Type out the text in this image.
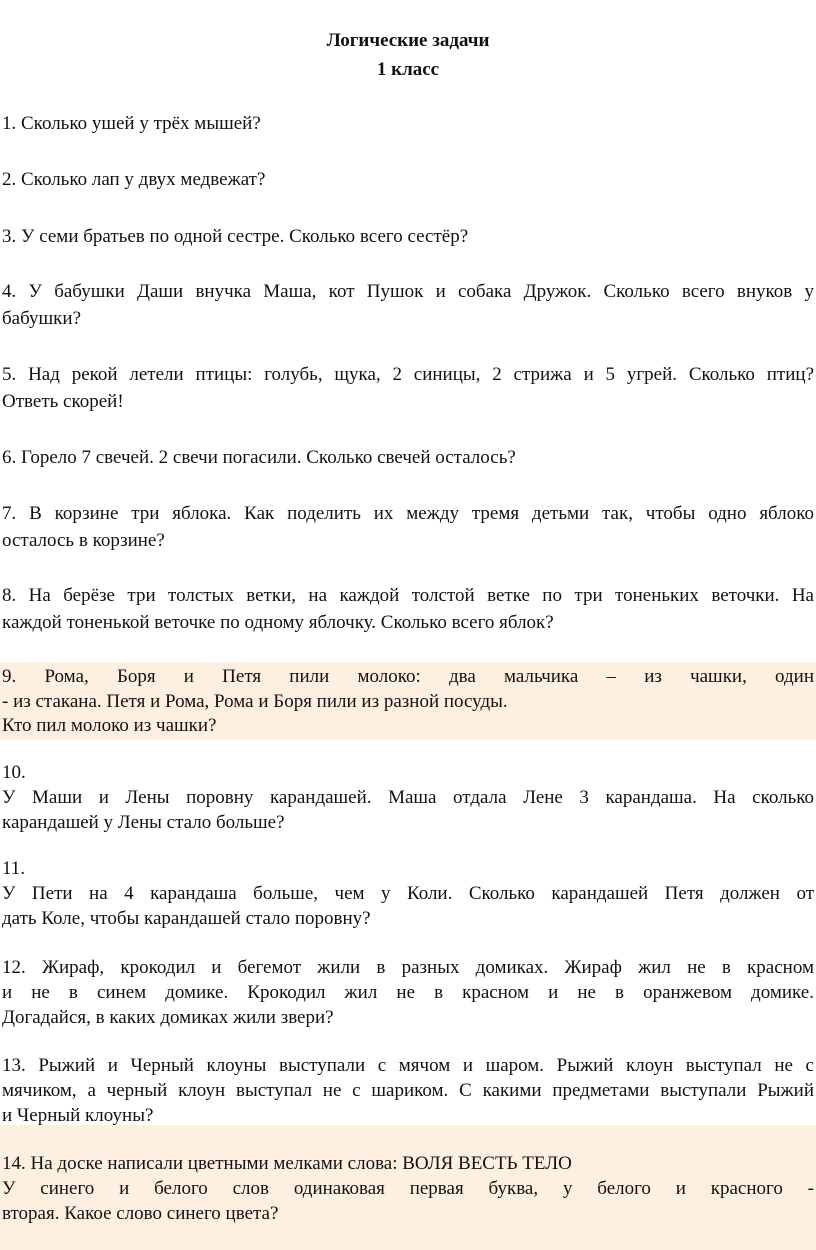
Логические задачи
1 класс
1. Сколько ушей у трёх мышей?
2. Сколько лап у двух медвежат?
3. У семи братьев по одной сестре. Сколько всего сестёр?
4. У бабушки Даши внучка Маша, кот Пушок и собака Дружок. Сколько всего внуков у
бабушки?
5. Над рекой летели птицы: голубь, щука, 2 синицы, 2 стрижа и 5 угрей. Сколько птиц?
Ответь скорей!
6. Горело 7 свечей. 2 свечи погасили. Сколько свечей осталось?
7. В корзине три яблока. Как поделить их между тремя детьми так, чтобы одно яблоко
осталось в корзине?
8. На берёзе три толстых ветки, на каждой толстой ветке по три тоненьких веточки. На
каждой тоненькой веточке по одному яблочку. Сколько всего яблок?
9. Рома, Боря и Петя пили молоко: два мальчика – из чашки, один
- из стакана. Петя и Рома, Рома и Боря пили из разной посуды.
Кто пил молоко из чашки?
10.
У Маши и Лены поровну карандашей. Маша отдала Лене 3 карандаша. На сколько
карандашей у Лены стало больше?
11.
У Пети на 4 карандаша больше, чем у Коли. Сколько карандашей Петя должен от
дать Коле, чтобы карандашей стало поровну?
12. Жираф, крокодил и бегемот жили в разных домиках. Жираф жил не в красном
и не в синем домике. Крокодил жил не в красном и не в оранжевом домике.
Догадайся, в каких домиках жили звери?
13. Рыжий и Черный клоуны выступали с мячом и шаром. Рыжий клоун выступал не с
мячиком, а черный клоун выступал не с шариком. С какими предметами выступали Рыжий
и Черный клоуны?
14. На доске написали цветными мелками слова: ВОЛЯ ВЕСТЬ ТЕЛО
У синего и белого слов одинаковая первая буква, у белого и красного -
вторая. Какое слово синего цвета?
